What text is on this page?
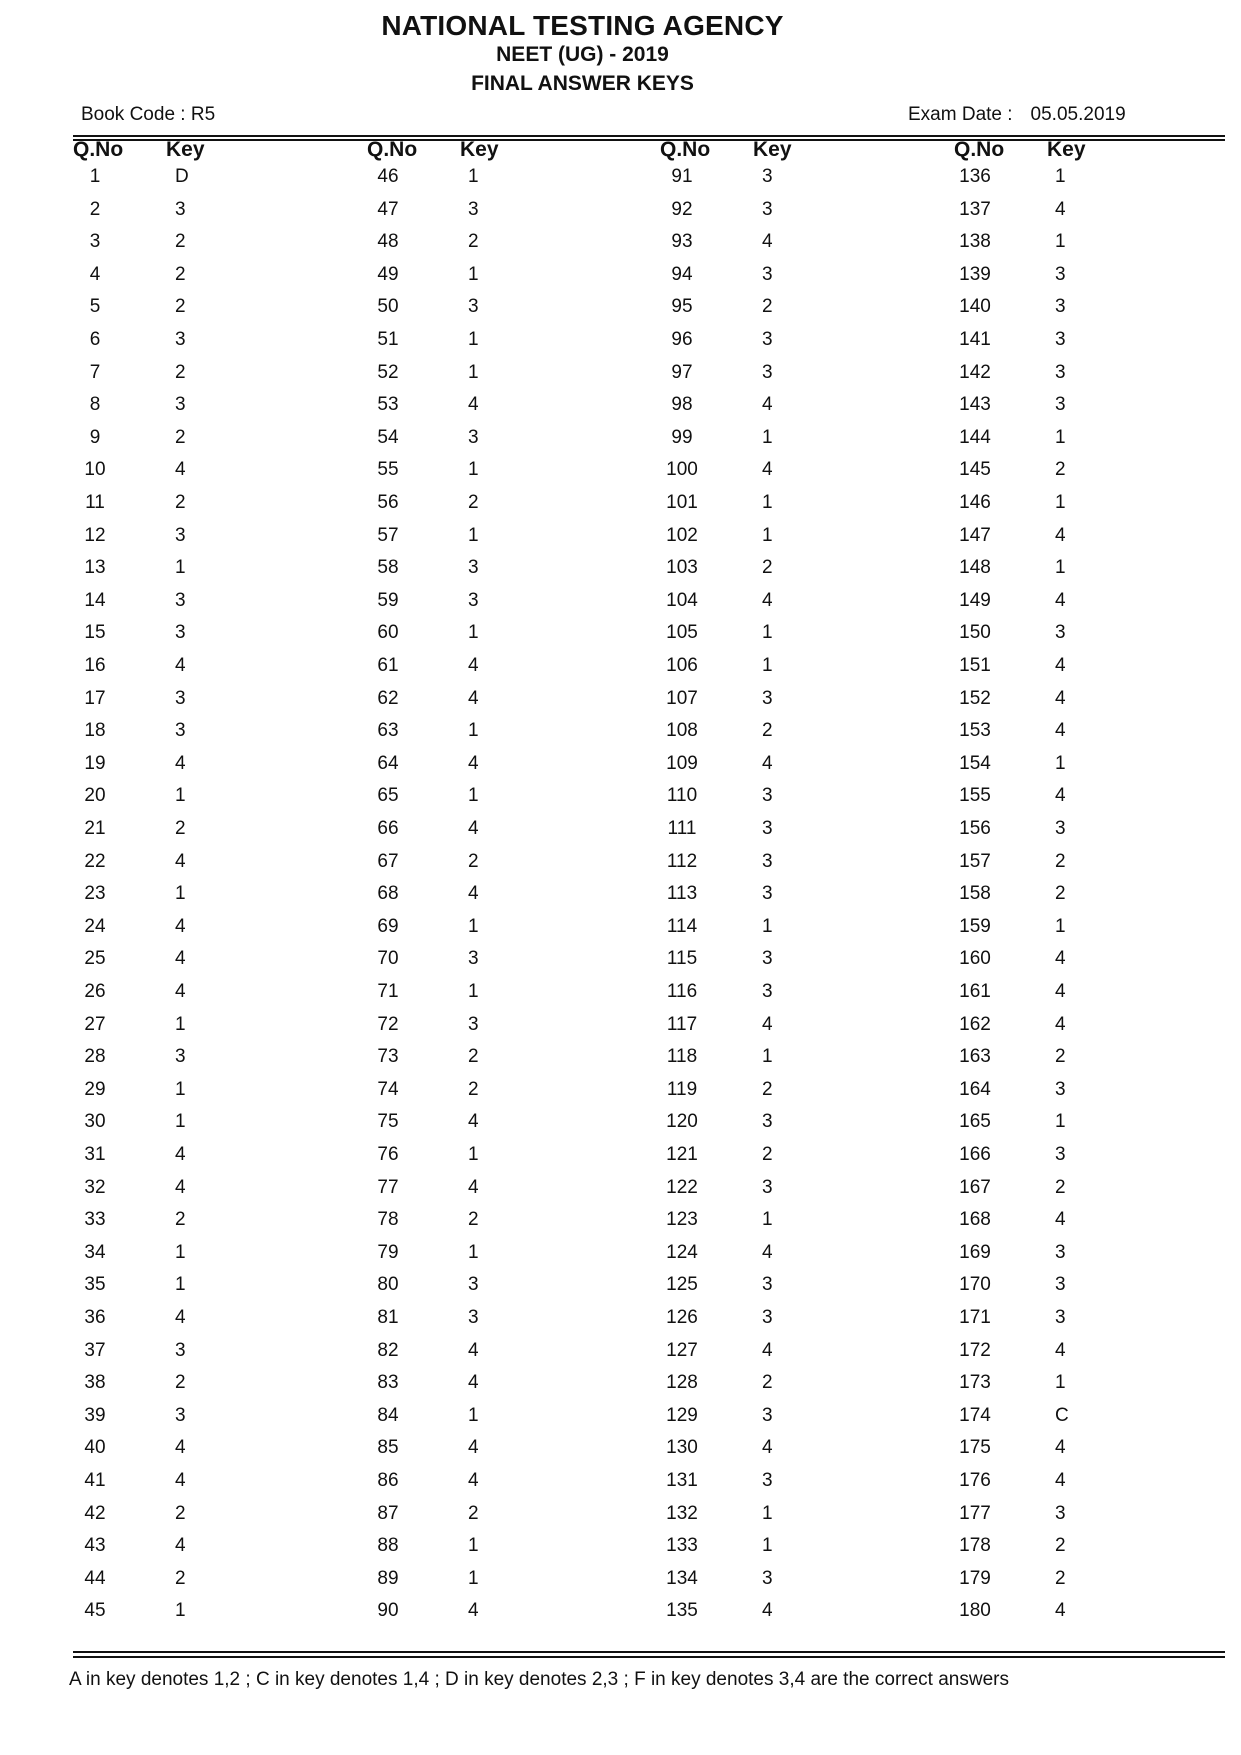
NATIONAL TESTING AGENCY
NEET (UG) - 2019
FINAL ANSWER KEYS
Book Code : R5	Exam Date : 05.05.2019
Q.No Key
1	D
2	3
3	2
4	2
5	2
6	3
7	2
8	3
9	2
10	4
11	2
12	3
13	1
14	3
15	3
16	4
17	3
18	3
19	4
20	1
21	2
22	4
23	1
24	4
25	4
26	4
27	1
28	3
29	1
30	1
31	4
32	4
33	2
34	1
35	1
36	4
37	3
38	2
39	3
40	4
41	4
42	2
43	4
44	2
45	1
Q.No Key
46	1
47	3
48	2
49	1
50	3
51	1
52	1
53	4
54	3
55	1
56	2
57	1
58	3
59	3
60	1
61	4
62	4
63	1
64	4
65	1
66	4
67	2
68	4
69	1
70	3
71	1
72	3
73	2
74	2
75	4
76	1
77	4
78	2
79	1
80	3
81	3
82	4
83	4
84	1
85	4
86	4
87	2
88	1
89	1
90	4
Q.No Key
91	3
92	3
93	4
94	3
95	2
96	3
97	3
98	4
99	1
100	4
101	1
102	1
103	2
104	4
105	1
106	1
107	3
108	2
109	4
110	3
111	3
112	3
113	3
114	1
115	3
116	3
117	4
118	1
119	2
120	3
121	2
122	3
123	1
124	4
125	3
126	3
127	4
128	2
129	3
130	4
131	3
132	1
133	1
134	3
135	4
Q.No Key
136	1
137	4
138	1
139	3
140	3
141	3
142	3
143	3
144	1
145	2
146	1
147	4
148	1
149	4
150	3
151	4
152	4
153	4
154	1
155	4
156	3
157	2
158	2
159	1
160	4
161	4
162	4
163	2
164	3
165	1
166	3
167	2
168	4
169	3
170	3
171	3
172	4
173	1
174	C
175	4
176	4
177	3
178	2
179	2
180	4
A in key denotes 1,2 ; C in key denotes 1,4 ; D in key denotes 2,3 ; F in key denotes 3,4 are the correct answers
